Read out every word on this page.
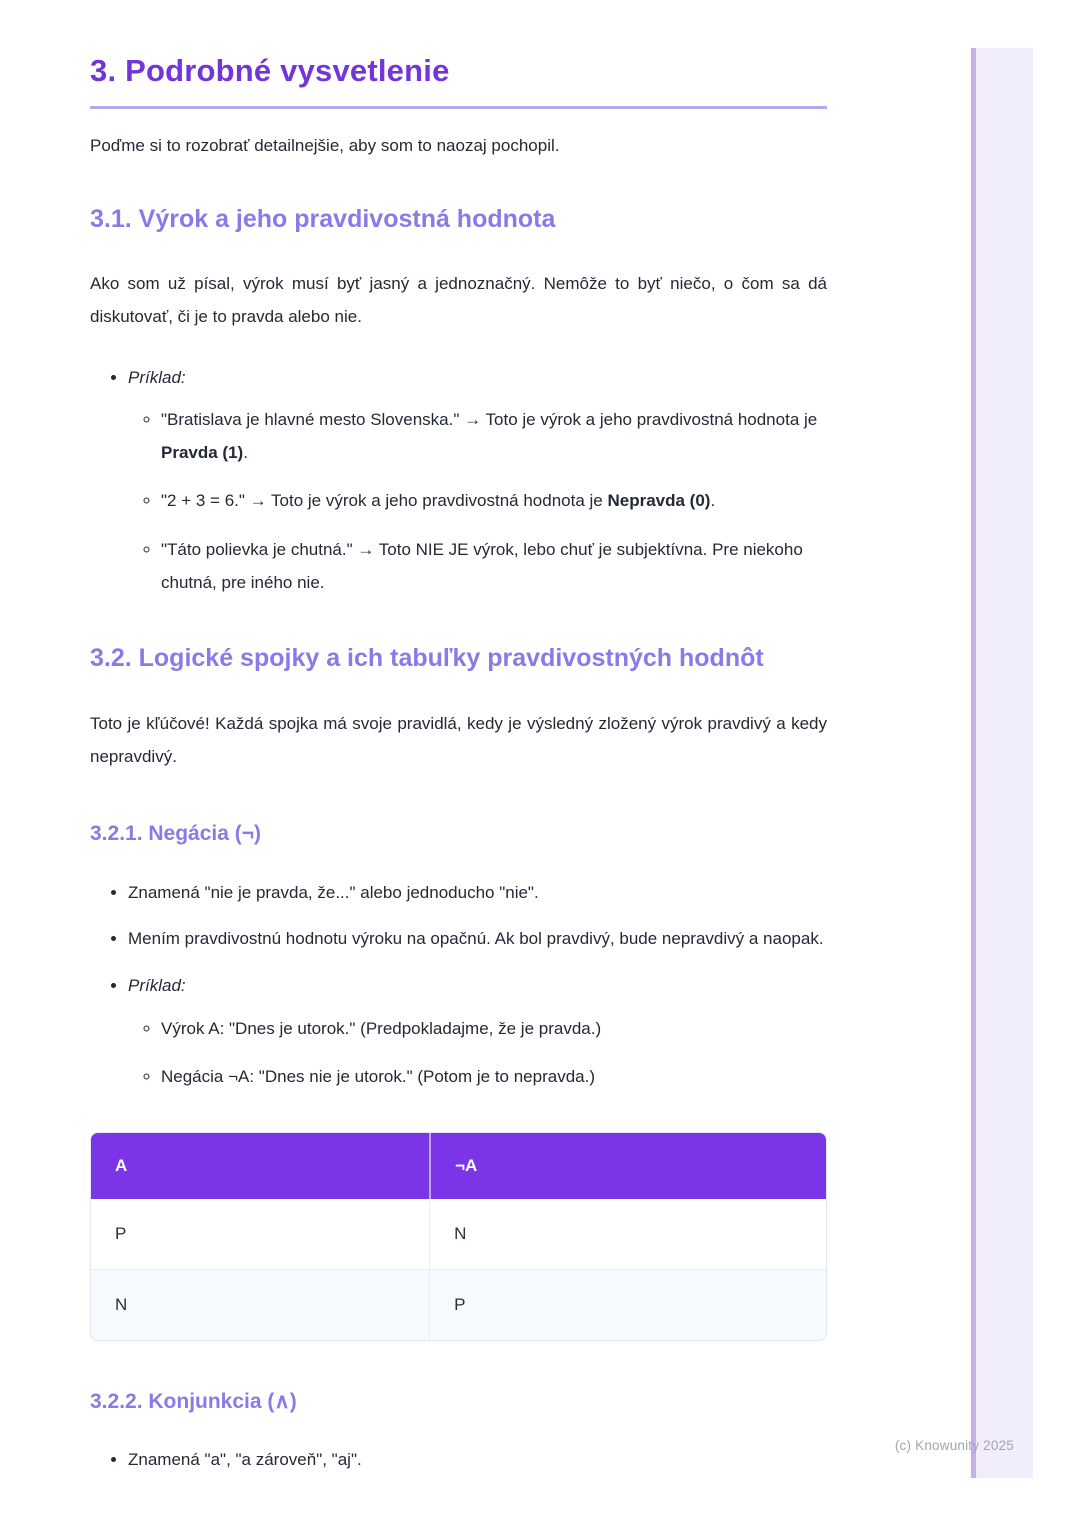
3. Podrobné vysvetlenie

Poďme si to rozobrať detailnejšie, aby som to naozaj pochopil.

3.1. Výrok a jeho pravdivostná hodnota

Ako som už písal, výrok musí byť jasný a jednoznačný. Nemôže to byť niečo, o čom sa dá diskutovať, či je to pravda alebo nie.

• Príklad:
◦ "Bratislava je hlavné mesto Slovenska." → Toto je výrok a jeho pravdivostná hodnota je Pravda (1).
◦ "2 + 3 = 6." → Toto je výrok a jeho pravdivostná hodnota je Nepravda (0).
◦ "Táto polievka je chutná." → Toto NIE JE výrok, lebo chuť je subjektívna. Pre niekoho chutná, pre iného nie.
3.2. Logické spojky a ich tabuľky pravdivostných hodnôt

Toto je kľúčové! Každá spojka má svoje pravidlá, kedy je výsledný zložený výrok pravdivý a kedy nepravdivý.

3.2.1. Negácia (¬)
• Znamená "nie je pravda, že..." alebo jednoducho "nie".
• Mením pravdivostnú hodnotu výroku na opačnú. Ak bol pravdivý, bude nepravdivý a naopak.
• Príklad:
◦ Výrok A: "Dnes je utorok." (Predpokladajme, že je pravda.)
◦ Negácia ¬A: "Dnes nie je utorok." (Potom je to nepravda.)
A	¬A
P	N
N	P
3.2.2. Konjunkcia (∧)
• Znamená "a", "a zároveň", "aj".
(c) Knowunity 2025
